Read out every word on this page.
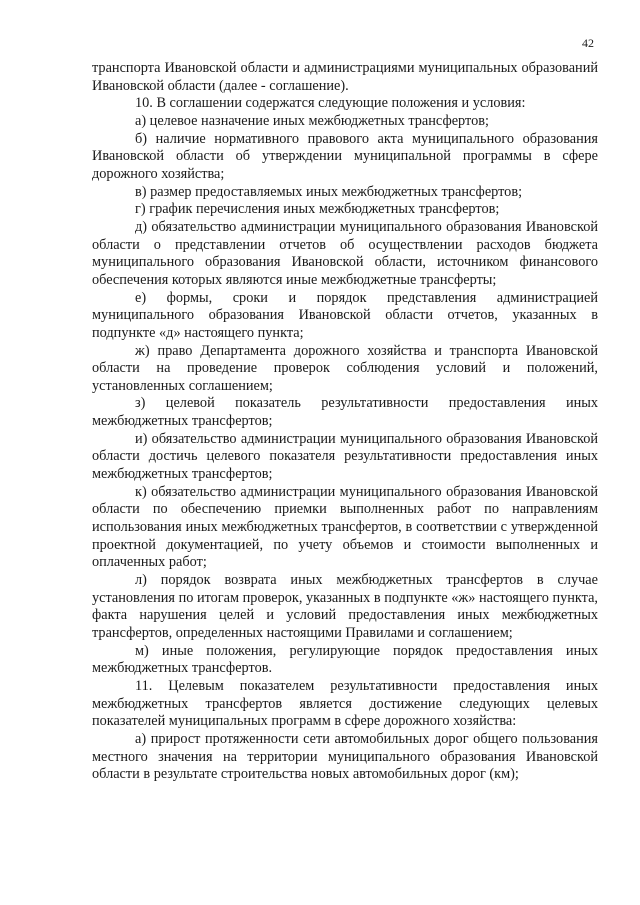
42

транспорта Ивановской области и администрациями муниципальных образований Ивановской области (далее - соглашение).

10. В соглашении содержатся следующие положения и условия:

а) целевое назначение иных межбюджетных трансфертов;

б) наличие нормативного правового акта муниципального образования Ивановской области об утверждении муниципальной программы в сфере дорожного хозяйства;

в) размер предоставляемых иных межбюджетных трансфертов;

г) график перечисления иных межбюджетных трансфертов;

д) обязательство администрации муниципального образования Ивановской области о представлении отчетов об осуществлении расходов бюджета муниципального образования Ивановской области, источником финансового обеспечения которых являются иные межбюджетные трансферты;

е) формы, сроки и порядок представления администрацией муниципального образования Ивановской области отчетов, указанных в подпункте «д» настоящего пункта;

ж) право Департамента дорожного хозяйства и транспорта Ивановской области на проведение проверок соблюдения условий и положений, установленных соглашением;

з) целевой показатель результативности предоставления иных межбюджетных трансфертов;

и) обязательство администрации муниципального образования Ивановской области достичь целевого показателя результативности предоставления иных межбюджетных трансфертов;

к) обязательство администрации муниципального образования Ивановской области по обеспечению приемки выполненных работ по направлениям использования иных межбюджетных трансфертов, в соответствии с утвержденной проектной документацией, по учету объемов и стоимости выполненных и оплаченных работ;

л) порядок возврата иных межбюджетных трансфертов в случае установления по итогам проверок, указанных в подпункте «ж» настоящего пункта, факта нарушения целей и условий предоставления иных межбюджетных трансфертов, определенных настоящими Правилами и соглашением;

м) иные положения, регулирующие порядок предоставления иных межбюджетных трансфертов.

11. Целевым показателем результативности предоставления иных межбюджетных трансфертов является достижение следующих целевых показателей муниципальных программ в сфере дорожного хозяйства:

а) прирост протяженности сети автомобильных дорог общего пользования местного значения на территории муниципального образования Ивановской области в результате строительства новых автомобильных дорог (км);
